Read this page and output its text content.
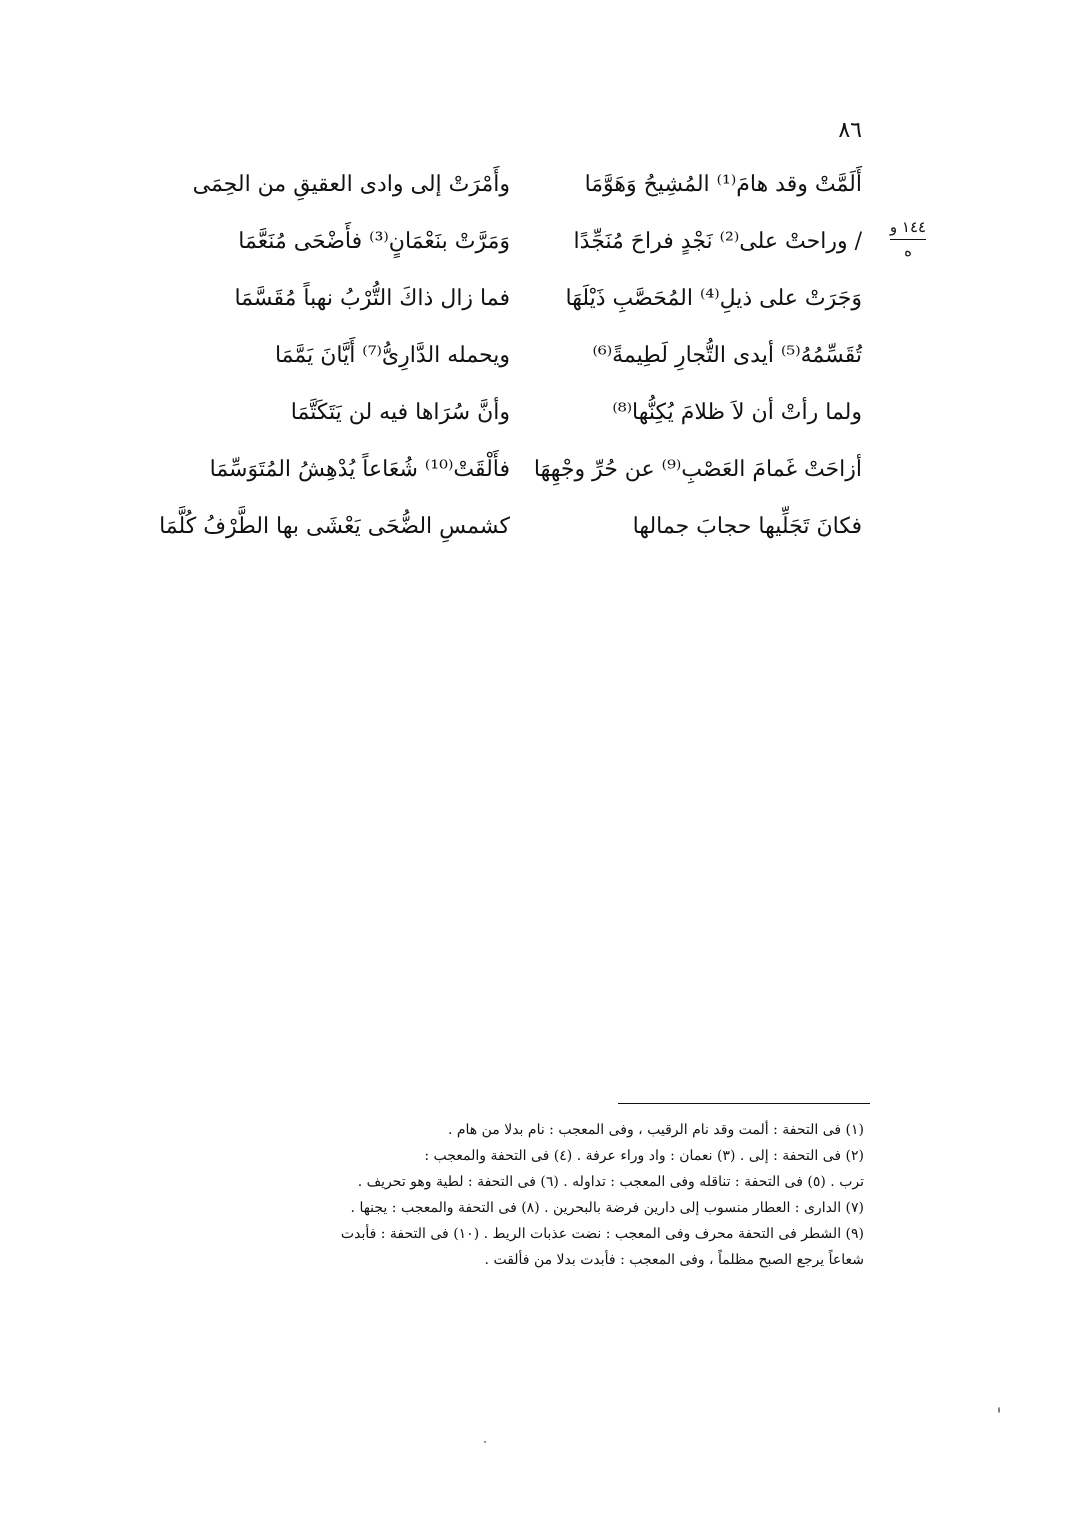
٨٦
١٤٤ و
ه
أَلَمَّتْ وقد هامَ⁽¹⁾ المُشِيحُ وَهَوَّمَا
وأَمْرَتْ إلى وادى العقيقِ من الحِمَى
/ وراحتْ على⁽²⁾ نَجْدٍ فراحَ مُنَجِّدًا
وَمَرَّتْ بنَعْمَانٍ⁽³⁾ فأَضْحَى مُنَعَّمَا
وَجَرَتْ على ذيلِ⁽⁴⁾ المُحَصَّبِ ذَيْلَهَا
فما زال ذاكَ التُّرْبُ نهباً مُقَسَّمَا
تُقَسِّمُهُ⁽⁵⁾ أيدى التُّجارِ لَطِيمةً⁽⁶⁾
ويحمله الدَّارِىُّ⁽⁷⁾ أَيَّانَ يَمَّمَا
ولما رأتْ أن لاَ ظلامَ يُكِنُّها⁽⁸⁾
وأنَّ سُرَاها فيه لن يَتَكَتَّمَا
أزاحَتْ غَمامَ العَصْبِ⁽⁹⁾ عن حُرِّ وجْهِهَا
فأَلْقَتْ⁽¹⁰⁾ شُعَاعاً يُدْهِشُ المُتَوَسِّمَا
فكانَ تَجَلِّيها حجابَ جمالها
كشمسِ الضُّحَى يَعْشَى بها الطَّرْفُ كُلَّمَا
(١) فى التحفة : ألمت وقد نام الرقيب ، وفى المعجب : نام بدلا من هام .
(٢) فى التحفة : إلى . (٣) نعمان : واد وراء عرفة . (٤) فى التحفة والمعجب :
ترب . (٥) فى التحفة : تناقله وفى المعجب : تداوله . (٦) فى التحفة : لطية وهو تحريف .
(٧) الدارى : العطار منسوب إلى دارين فرضة بالبحرين . (٨) فى التحفة والمعجب : يجنها .
(٩) الشطر فى التحفة محرف وفى المعجب : نضت عذبات الريط . (١٠) فى التحفة : فأبدت
شعاعاً يرجع الصبح مظلماً ، وفى المعجب : فأبدت بدلا من فألقت .
